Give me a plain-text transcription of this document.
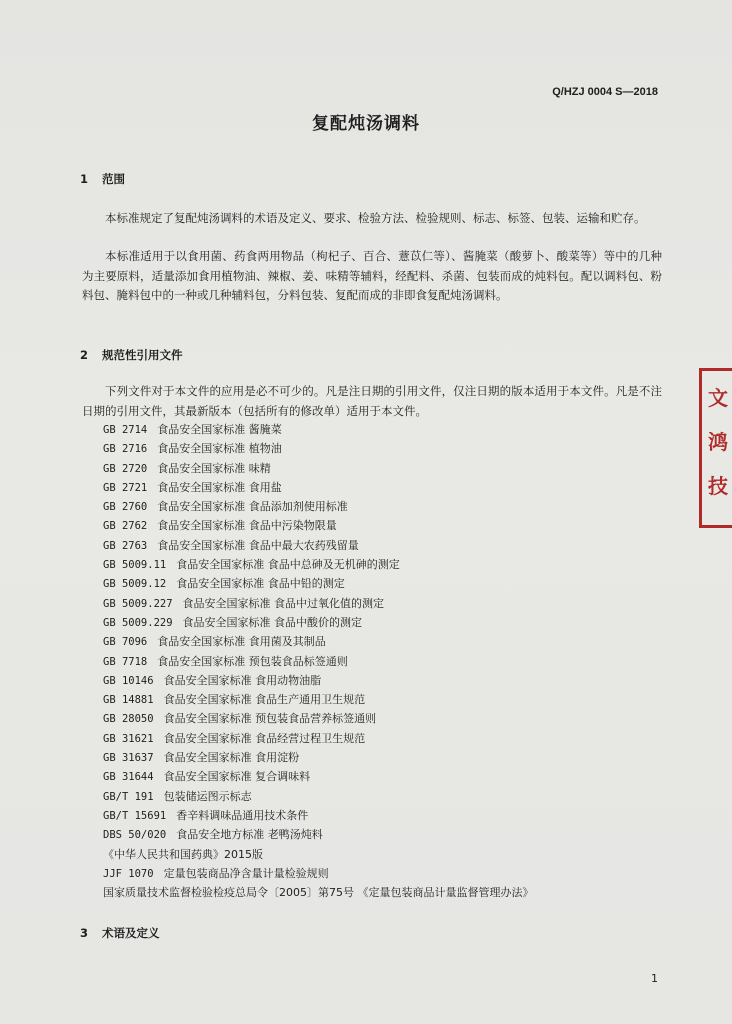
Q/HZJ 0004 S—2018
复配炖汤调料
1 范围
本标准规定了复配炖汤调料的术语及定义、要求、检验方法、检验规则、标志、标签、包装、运输和贮存。
本标准适用于以食用菌、药食两用物品（枸杞子、百合、薏苡仁等）、酱腌菜（酸萝卜、酸菜等）等中的几种为主要原料，适量添加食用植物油、辣椒、姜、味精等辅料，经配料、杀菌、包装而成的炖料包。配以调料包、粉料包、腌料包中的一种或几种辅料包，分料包装、复配而成的非即食复配炖汤调料。
2 规范性引用文件
下列文件对于本文件的应用是必不可少的。凡是注日期的引用文件，仅注日期的版本适用于本文件。凡是不注日期的引用文件，其最新版本（包括所有的修改单）适用于本文件。
GB 2714 食品安全国家标准 酱腌菜
GB 2716 食品安全国家标准 植物油
GB 2720 食品安全国家标准 味精
GB 2721 食品安全国家标准 食用盐
GB 2760 食品安全国家标准 食品添加剂使用标准
GB 2762 食品安全国家标准 食品中污染物限量
GB 2763 食品安全国家标准 食品中最大农药残留量
GB 5009.11 食品安全国家标准 食品中总砷及无机砷的测定
GB 5009.12 食品安全国家标准 食品中铅的测定
GB 5009.227 食品安全国家标准 食品中过氧化值的测定
GB 5009.229 食品安全国家标准 食品中酸价的测定
GB 7096 食品安全国家标准 食用菌及其制品
GB 7718 食品安全国家标准 预包装食品标签通则
GB 10146 食品安全国家标准 食用动物油脂
GB 14881 食品安全国家标准 食品生产通用卫生规范
GB 28050 食品安全国家标准 预包装食品营养标签通则
GB 31621 食品安全国家标准 食品经营过程卫生规范
GB 31637 食品安全国家标准 食用淀粉
GB 31644 食品安全国家标准 复合调味料
GB/T 191 包装储运图示标志
GB/T 15691 香辛料调味品通用技术条件
DBS 50/020 食品安全地方标准 老鸭汤炖料
《中华人民共和国药典》2015版
JJF 1070 定量包装商品净含量计量检验规则
国家质量技术监督检验检疫总局令〔2005〕第75号 《定量包装商品计量监督管理办法》
3 术语及定义
1
文
鸿
技
